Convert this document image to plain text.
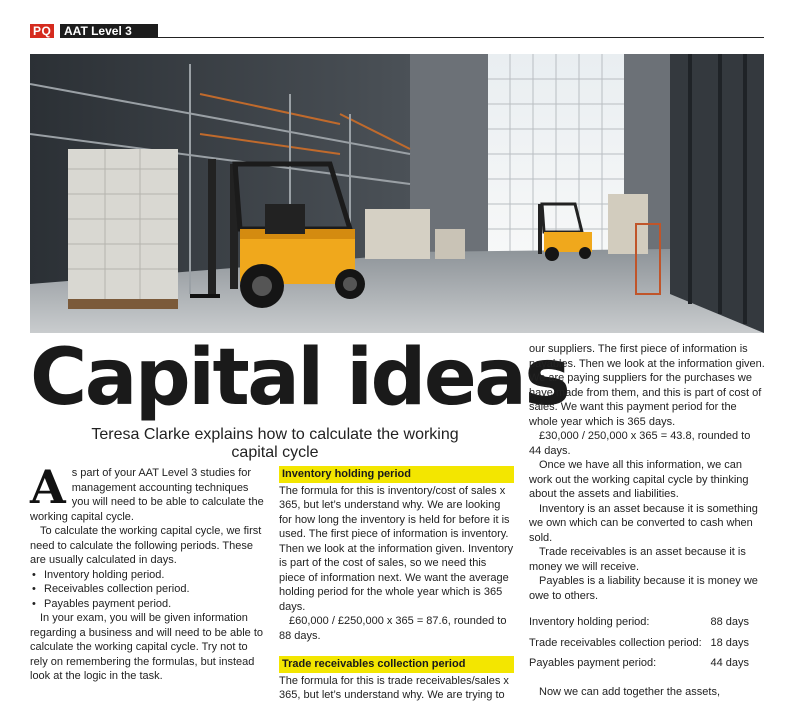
PQ	AAT Level 3
Capital ideas
Teresa Clarke explains how to calculate the working
capital cycle

As part of your AAT Level 3 studies for management accounting techniques you will need to be able to calculate the working capital cycle.

To calculate the working capital cycle, we first need to calculate the following periods. These are usually calculated in days.

• Inventory holding period.
• Receivables collection period.
• Payables payment period.

In your exam, you will be given information regarding a business and will need to be able to calculate the working capital cycle. Try not to rely on remembering the formulas, but instead look at the logic in the task.

Inventory holding period

The formula for this is inventory/cost of sales x 365, but let’s understand why. We are looking for how long the inventory is held for before it is used. The first piece of information is inventory. Then we look at the information given. Inventory is part of the cost of sales, so we need this piece of information next. We want the average holding period for the whole year which is 365 days.

£60,000 / £250,000 x 365 = 87.6, rounded to 88 days.

Trade receivables collection period

The formula for this is trade receivables/sales x 365, but let’s understand why. We are trying to

our suppliers. The first piece of information is payables. Then we look at the information given. We are paying suppliers for the purchases we have made from them, and this is part of cost of sales. We want this payment period for the whole year which is 365 days.

£30,000 / 250,000 x 365 = 43.8, rounded to 44 days.

Once we have all this information, we can work out the working capital cycle by thinking about the assets and liabilities.

Inventory is an asset because it is something we own which can be converted to cash when sold.

Trade receivables is an asset because it is money we will receive.

Payables is a liability because it is money we owe to others.

Inventory holding period:	88 days
Trade receivables collection period: 18 days
Payables payment period:	44 days

Now we can add together the assets,
